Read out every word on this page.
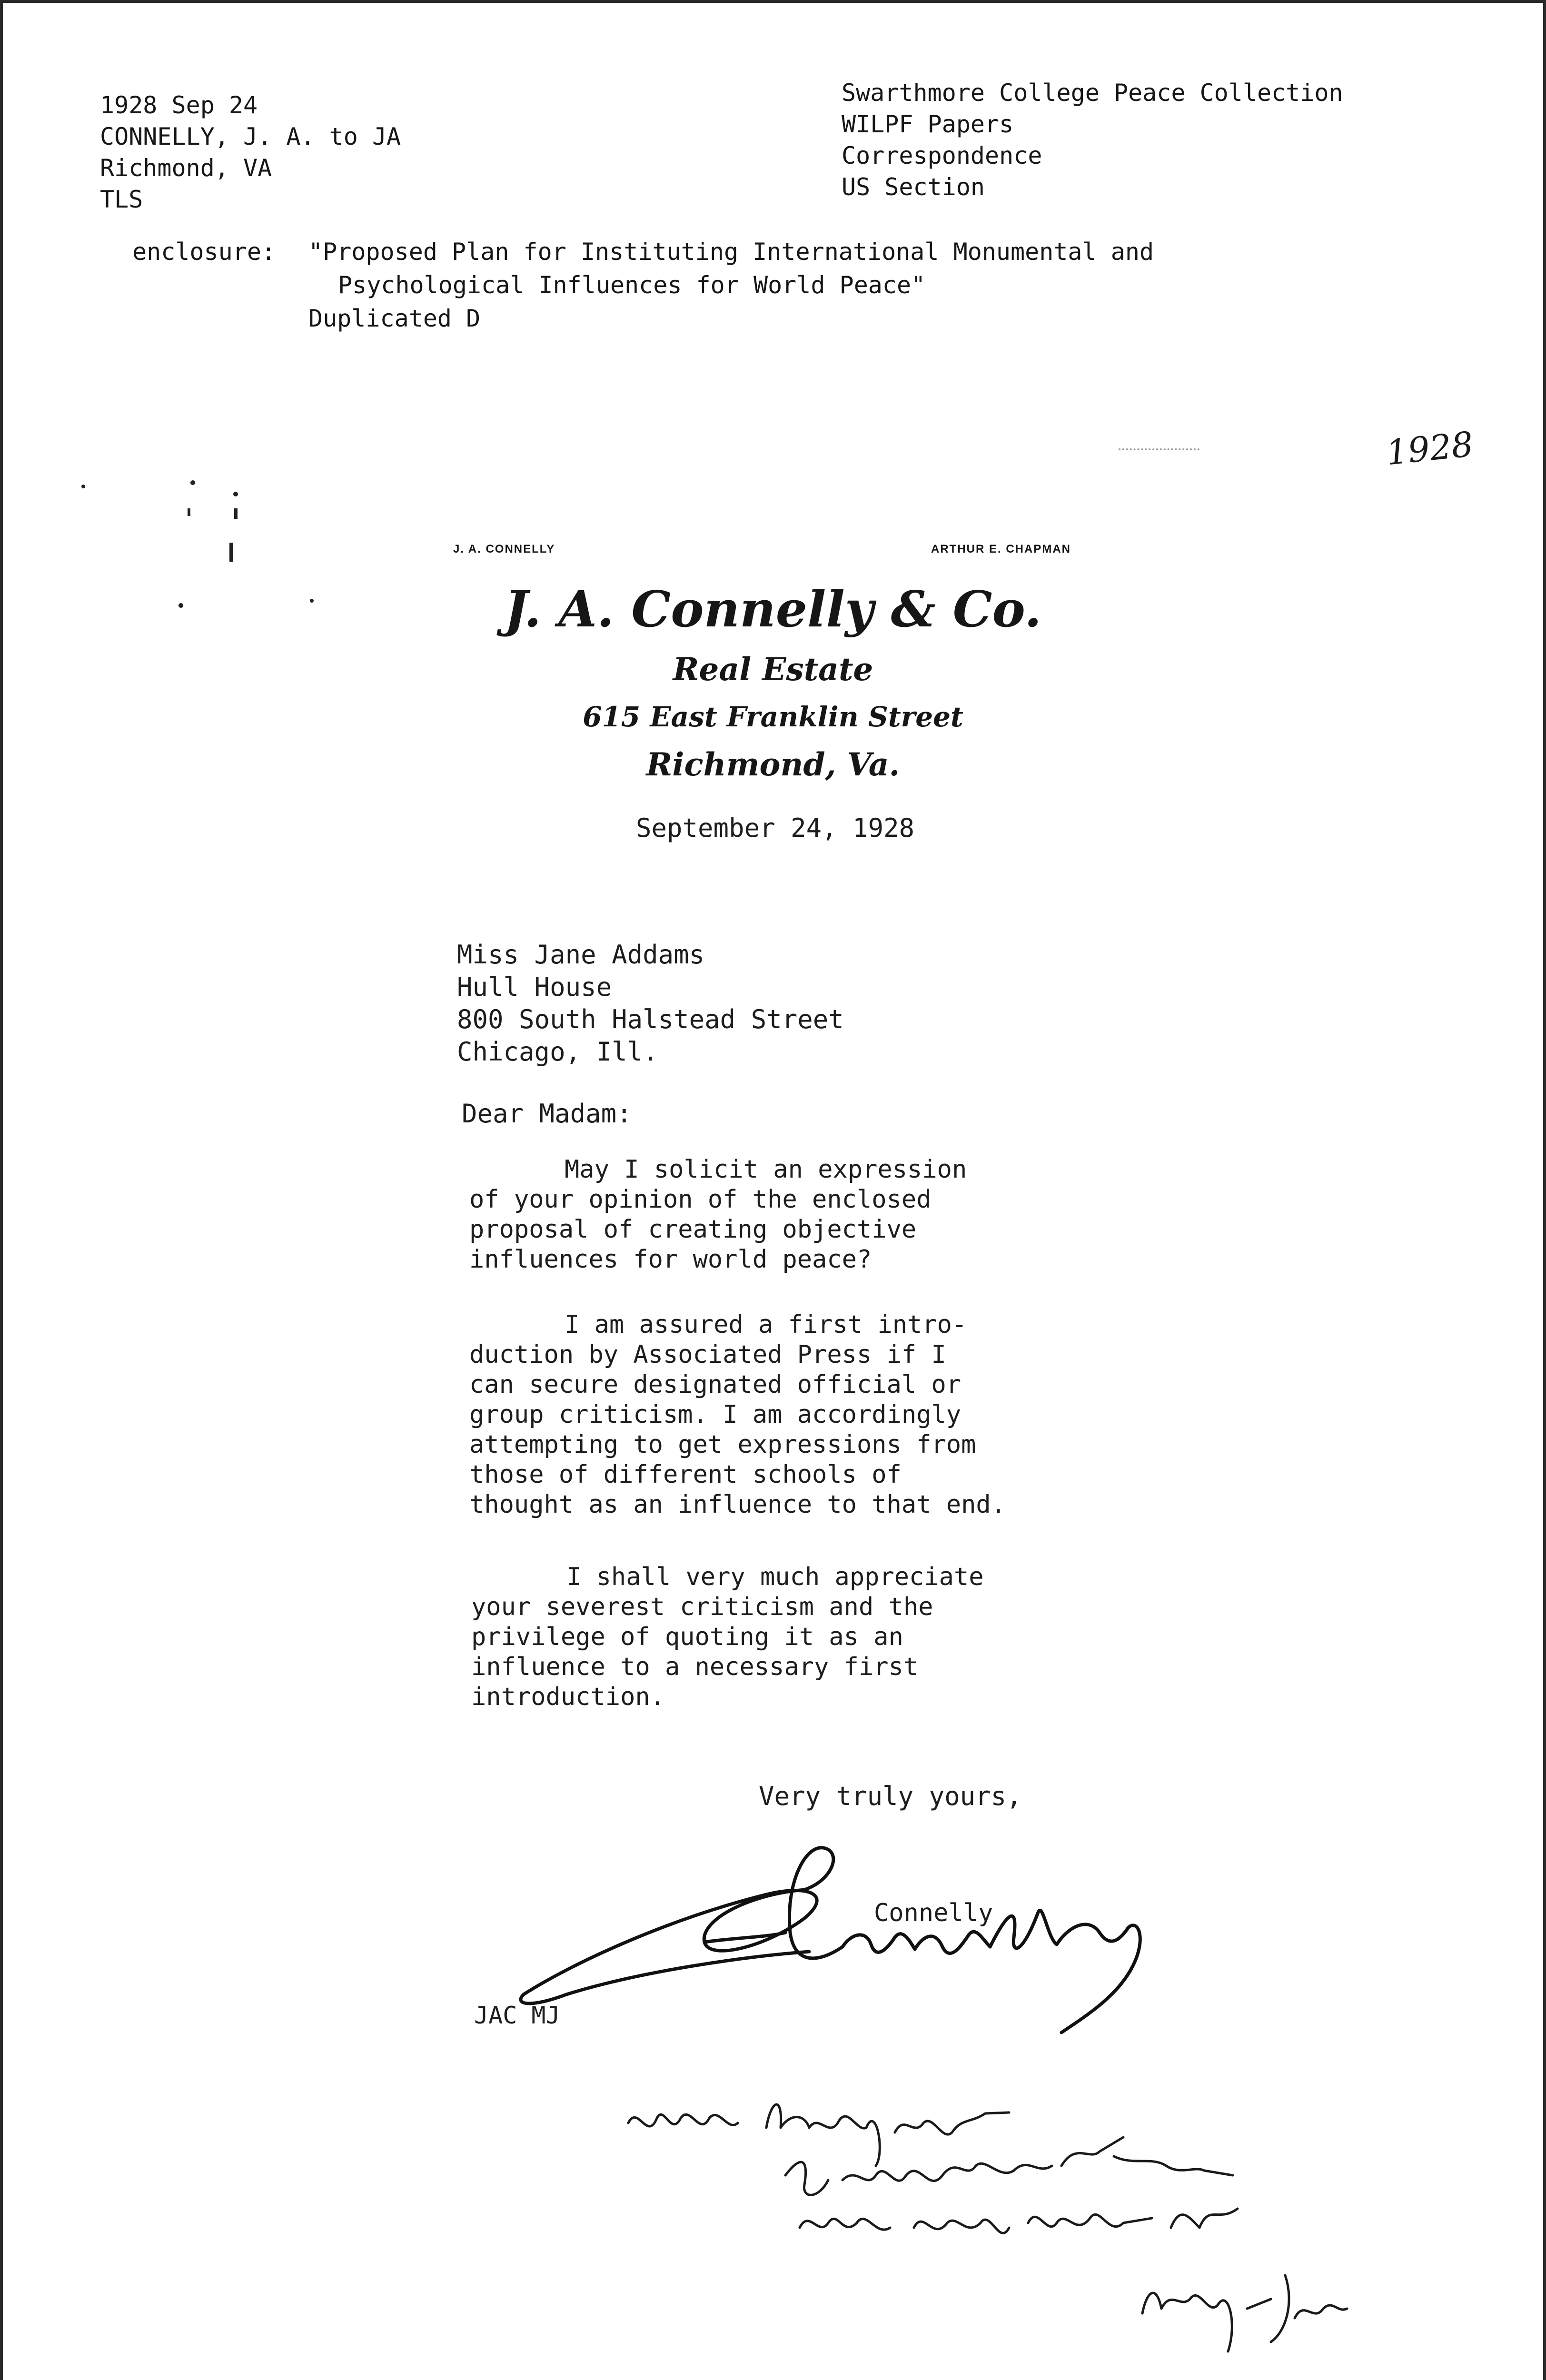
1928 Sep 24
CONNELLY, J. A. to JA
Richmond, VA
TLS
Swarthmore College Peace Collection
WILPF Papers
Correspondence
US Section
enclosure: "Proposed Plan for Instituting International Monumental and
Psychological Influences for World Peace"
Duplicated D
1928
J. A. CONNELLY	ARTHUR E. CHAPMAN
J. A. Connelly & Co.
Real Estate
615 East Franklin Street
Richmond, Va.
September 24, 1928
Miss Jane Addams
Hull House
800 South Halstead Street
Chicago, Ill.
Dear Madam:
May I solicit an expression
of your opinion of the enclosed
proposal of creating objective
influences for world peace?
I am assured a first intro-
duction by Associated Press if I
can secure designated official or
group criticism. I am accordingly
attempting to get expressions from
those of different schools of
thought as an influence to that end.
I shall very much appreciate
your severest criticism and the
privilege of quoting it as an
influence to a necessary first
introduction.
Very truly yours,
Connelly
JAC MJ
